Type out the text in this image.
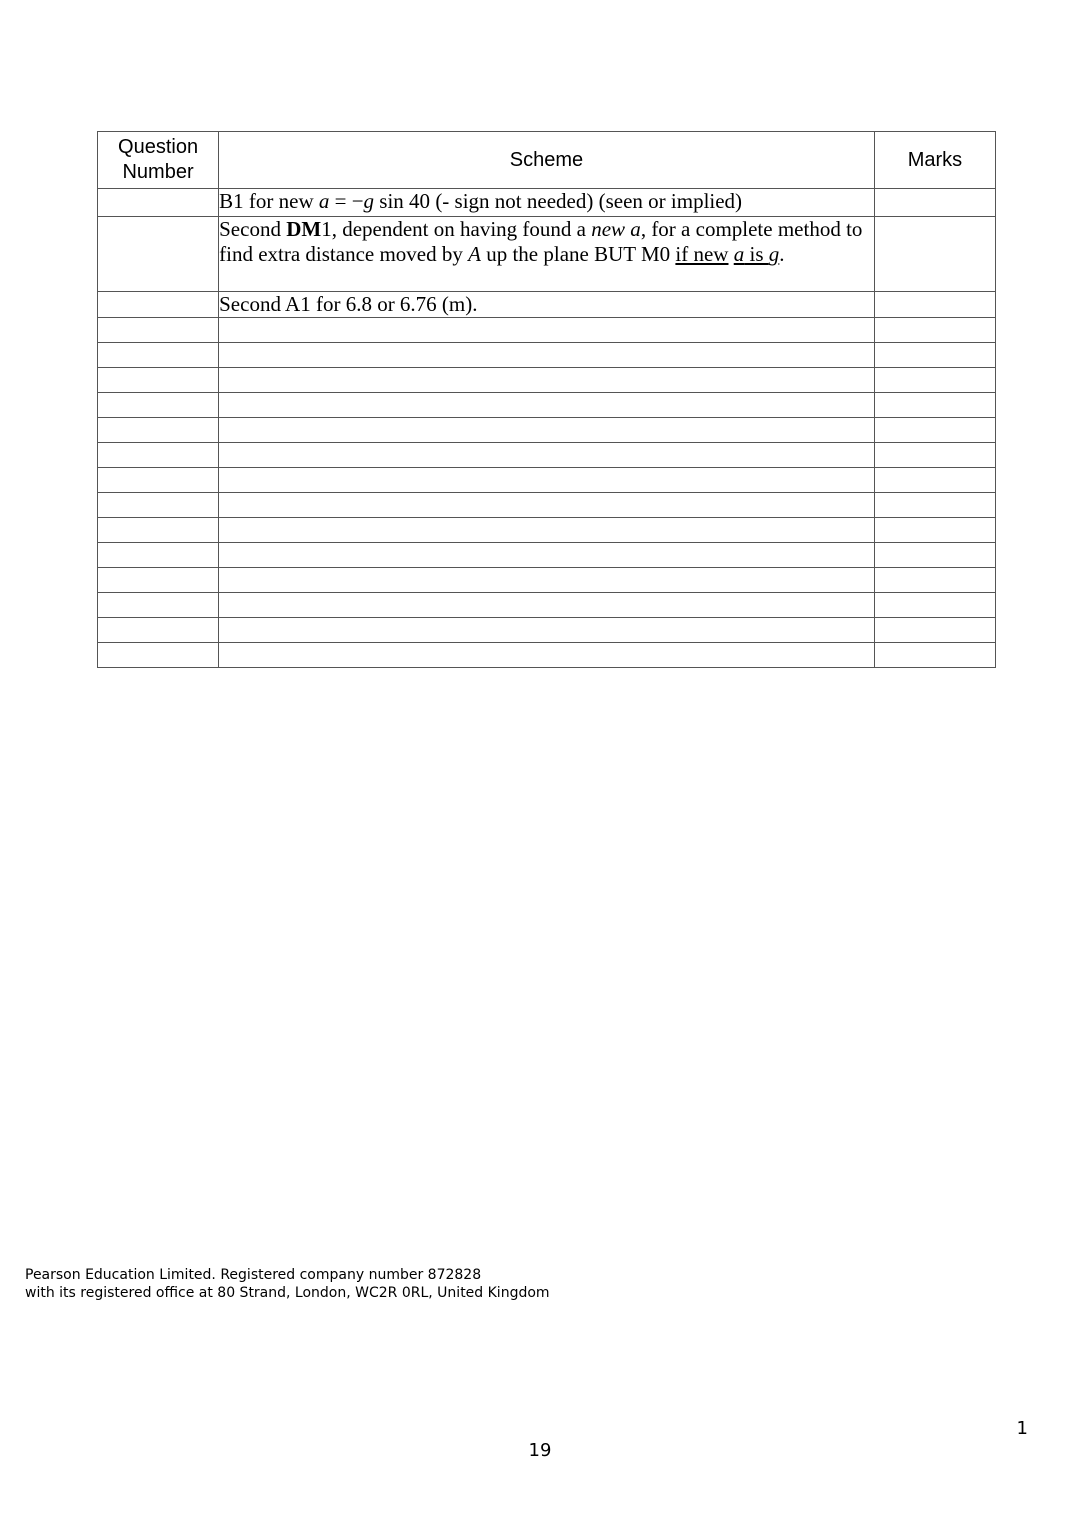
Question
Number	Scheme	Marks
	B1 for new a = −g sin 40 (- sign not needed) (seen or implied)	
	Second DM1, dependent on having found a new a, for a complete method to find extra distance moved by A up the plane BUT M0 if new a is g.	
	Second A1 for 6.8 or 6.76 (m).	

Pearson Education Limited. Registered company number 872828
with its registered office at 80 Strand, London, WC2R 0RL, United Kingdom
19
1
